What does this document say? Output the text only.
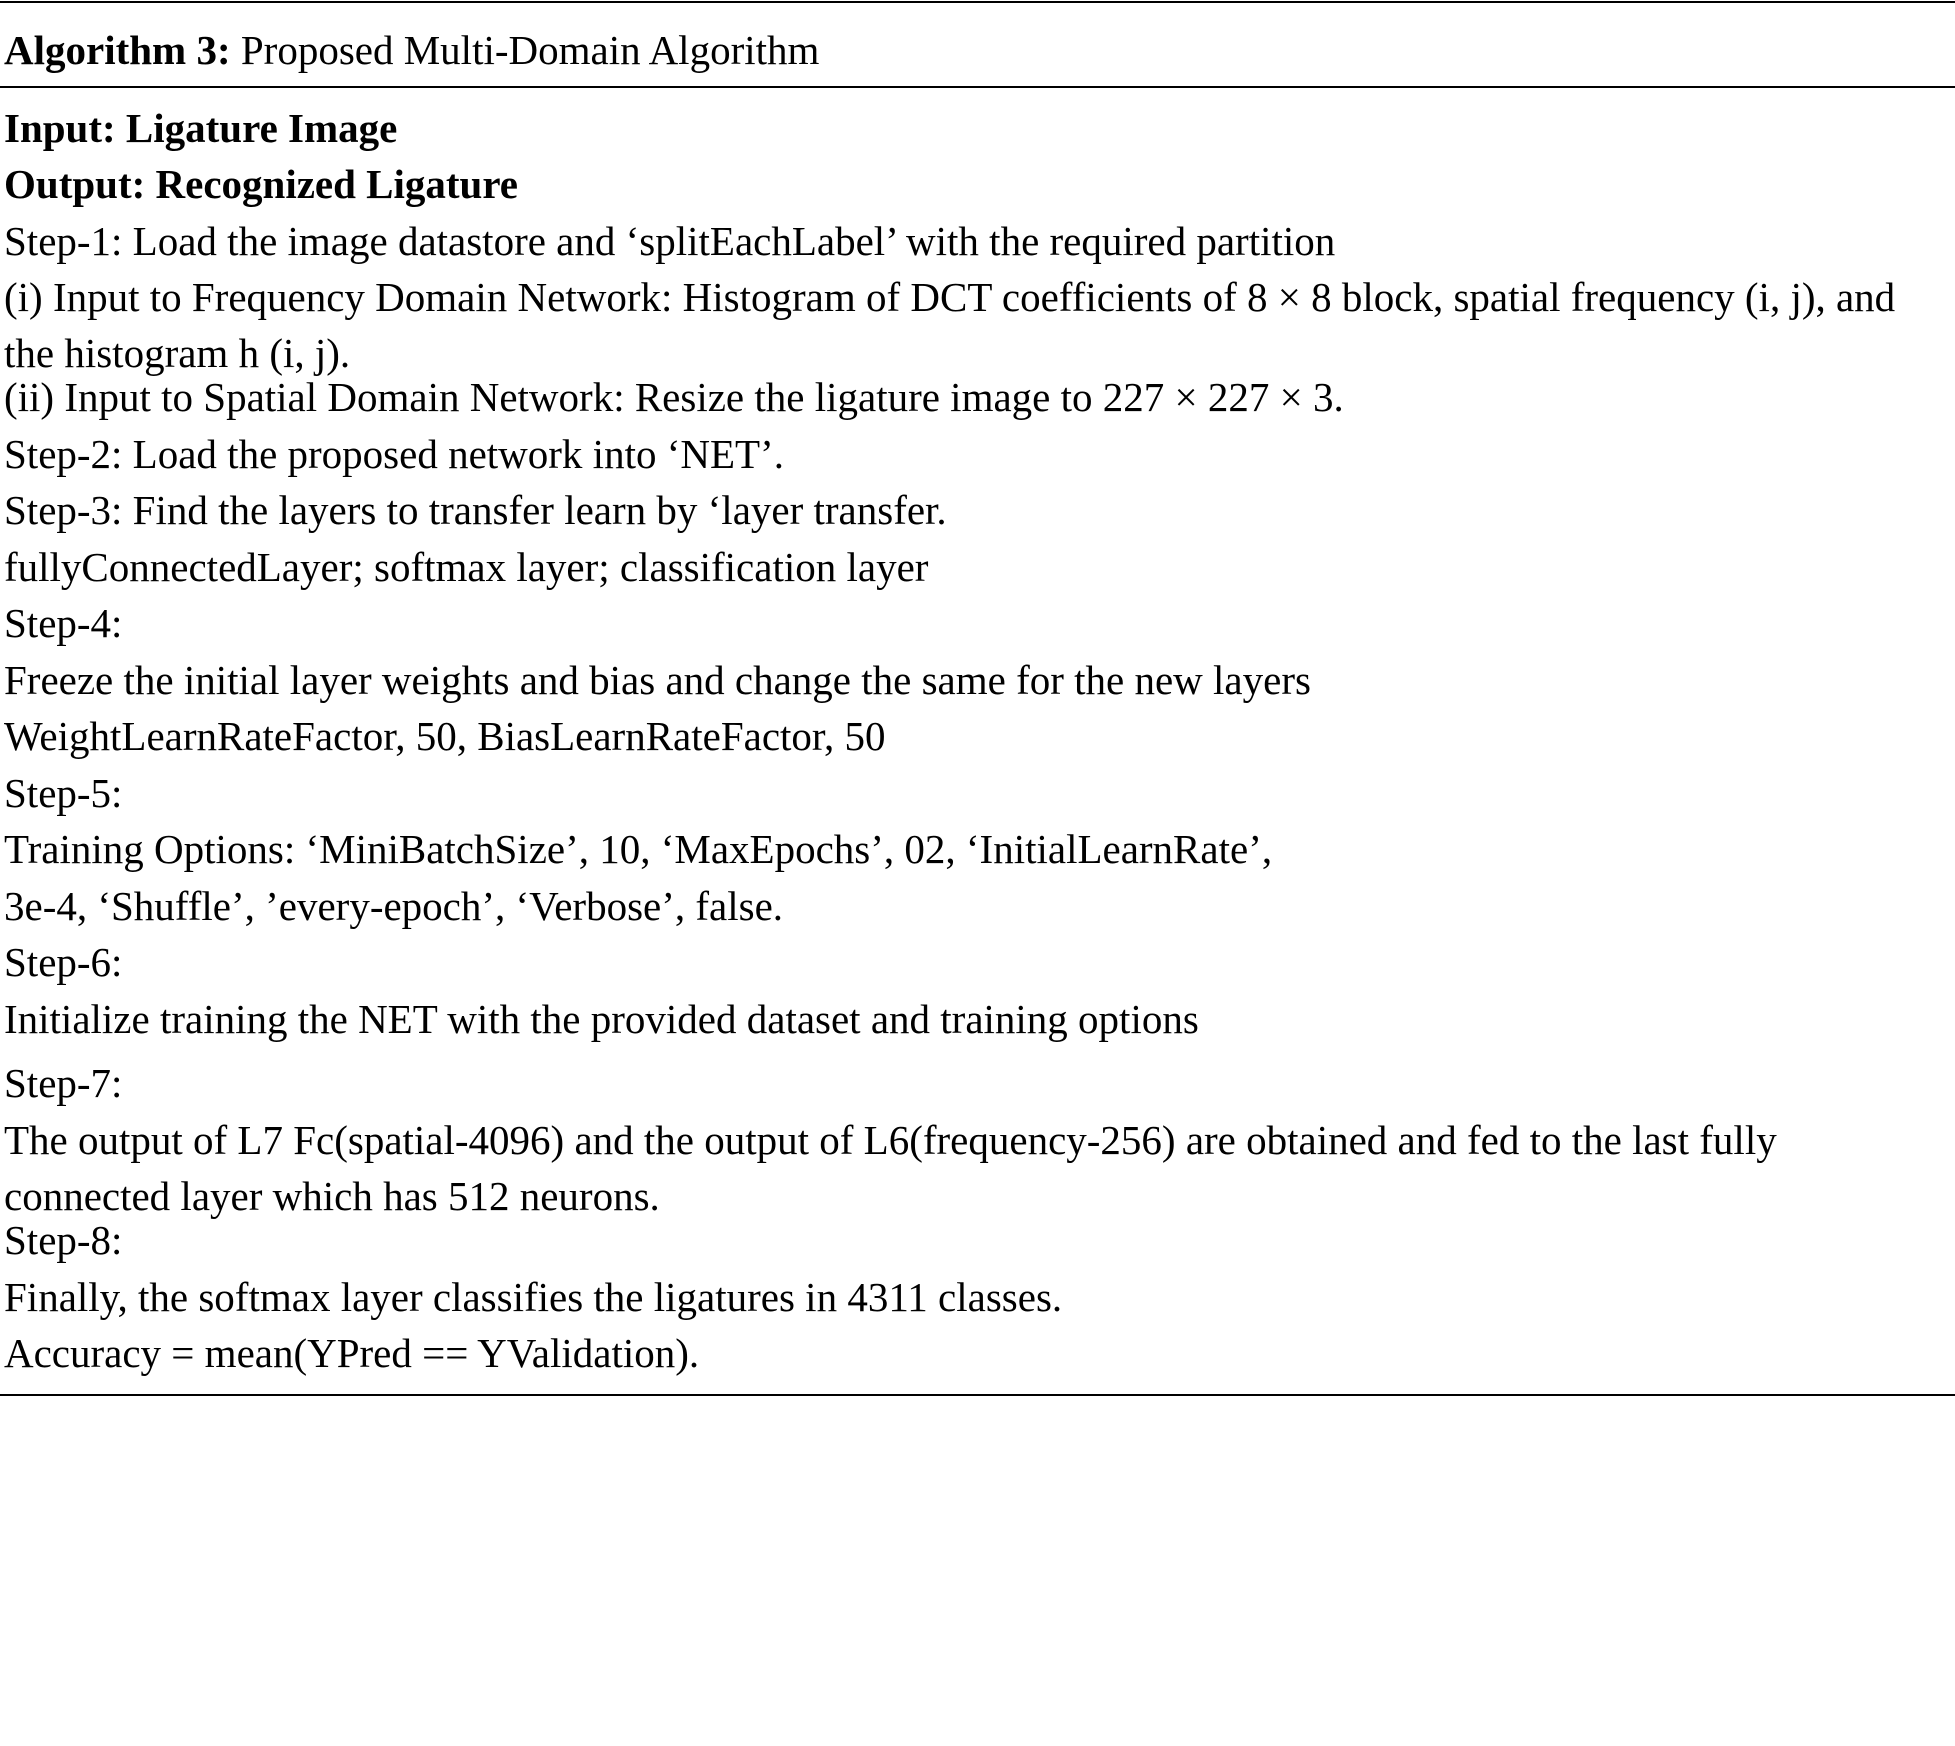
Algorithm 3: Proposed Multi-Domain Algorithm

Input: Ligature Image

Output: Recognized Ligature

Step-1: Load the image datastore and ‘splitEachLabel’ with the required partition

(i) Input to Frequency Domain Network: Histogram of DCT coefficients of 8 × 8 block, spatial frequency (i, j), and the histogram h (i, j).

(ii) Input to Spatial Domain Network: Resize the ligature image to 227 × 227 × 3.

Step-2: Load the proposed network into ‘NET’.

Step-3: Find the layers to transfer learn by ‘layer transfer.

fullyConnectedLayer; softmax layer; classification layer

Step-4:

Freeze the initial layer weights and bias and change the same for the new layers

WeightLearnRateFactor, 50, BiasLearnRateFactor, 50

Step-5:

Training Options: ‘MiniBatchSize’, 10, ‘MaxEpochs’, 02, ‘InitialLearnRate’,

3e-4, ‘Shuffle’, ’every-epoch’, ‘Verbose’, false.

Step-6:

Initialize training the NET with the provided dataset and training options

Step-7:

The output of L7 Fc(spatial-4096) and the output of L6(frequency-256) are obtained and fed to the last fully connected layer which has 512 neurons.

Step-8:

Finally, the softmax layer classifies the ligatures in 4311 classes.

Accuracy = mean(YPred == YValidation).
